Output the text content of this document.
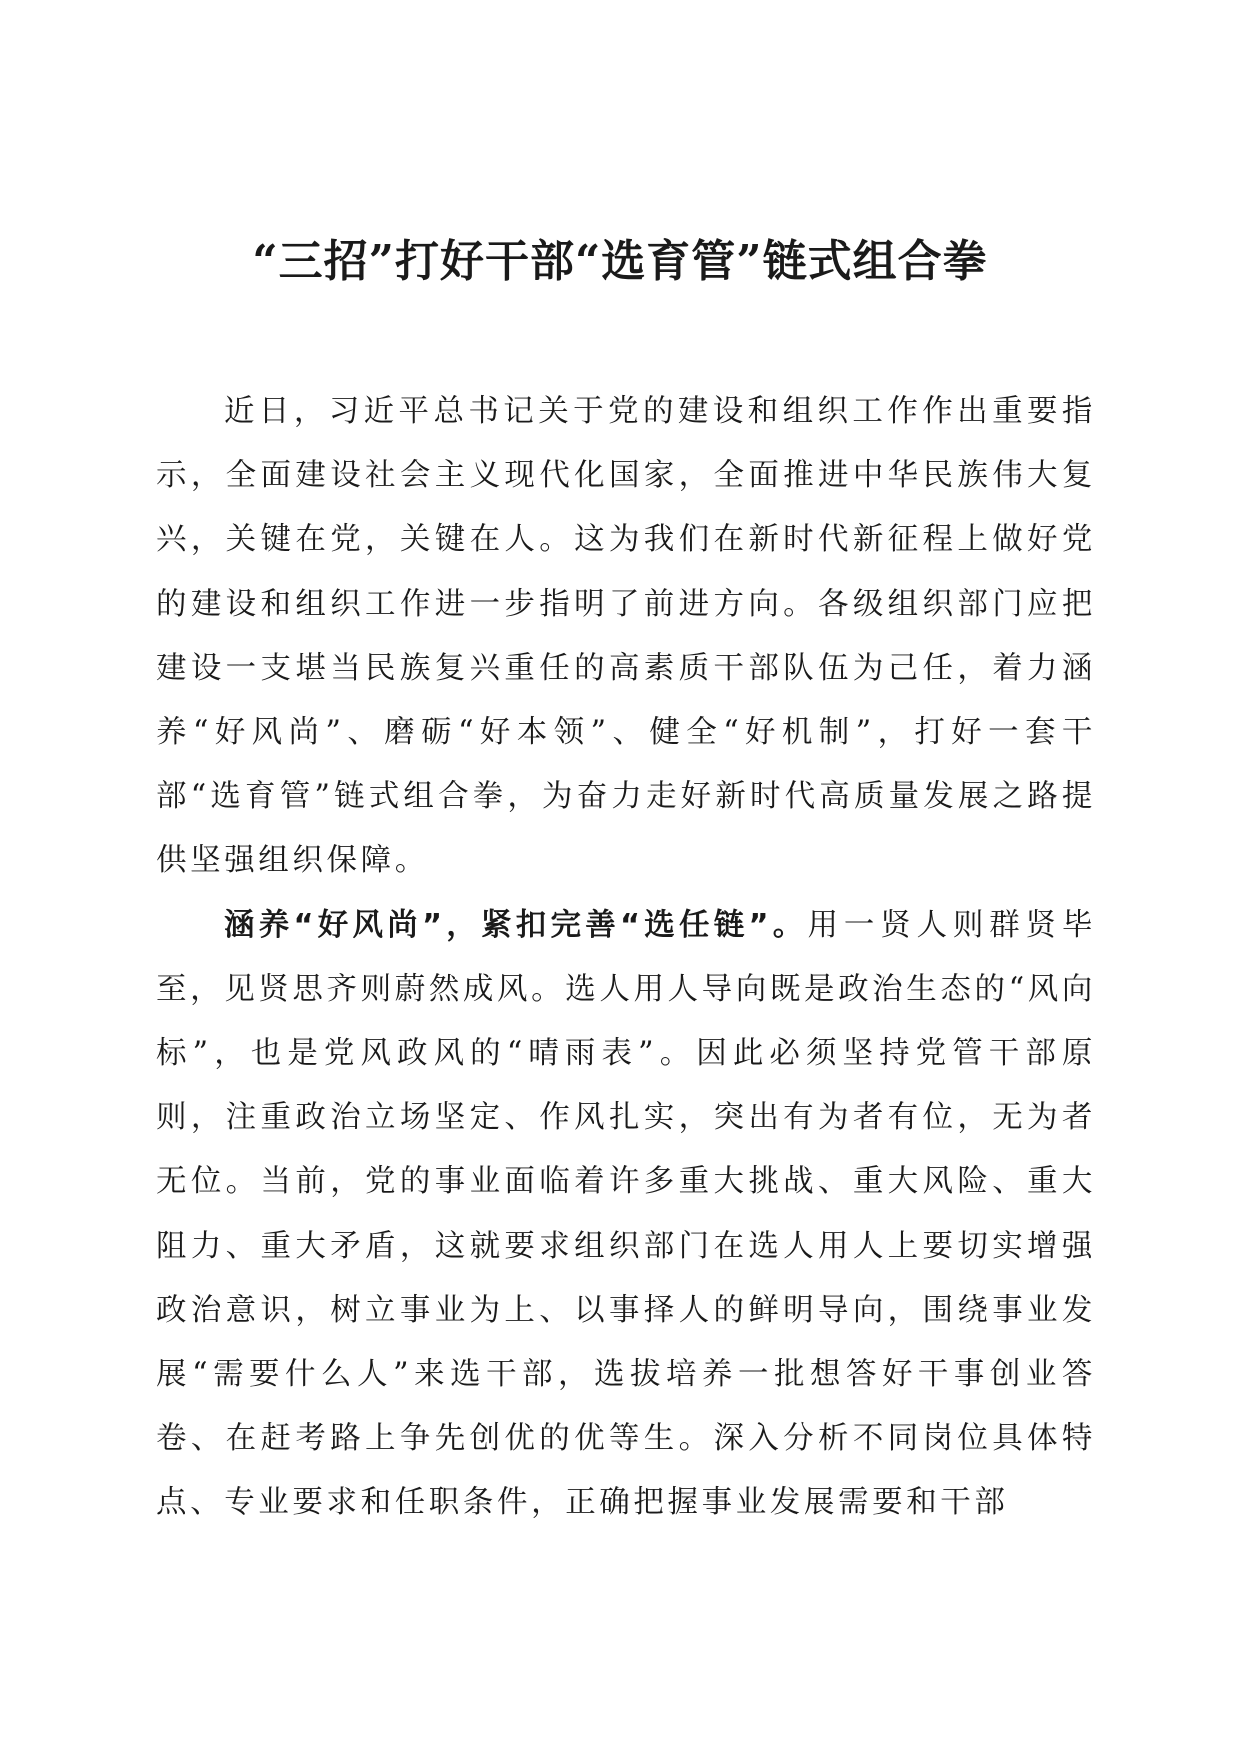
“三招”打好干部“选育管”链式组合拳

近日，习近平总书记关于党的建设和组织工作作出重要指示，全面建设社会主义现代化国家，全面推进中华民族伟大复兴，关键在党，关键在人。这为我们在新时代新征程上做好党的建设和组织工作进一步指明了前进方向。各级组织部门应把建设一支堪当民族复兴重任的高素质干部队伍为己任，着力涵养“好风尚”、磨砺“好本领”、健全“好机制”，打好一套干部“选育管”链式组合拳，为奋力走好新时代高质量发展之路提供坚强组织保障。

涵养“好风尚”，紧扣完善“选任链”。用一贤人则群贤毕至，见贤思齐则蔚然成风。选人用人导向既是政治生态的“风向标”，也是党风政风的“晴雨表”。因此必须坚持党管干部原则，注重政治立场坚定、作风扎实，突出有为者有位，无为者无位。当前，党的事业面临着许多重大挑战、重大风险、重大阻力、重大矛盾，这就要求组织部门在选人用人上要切实增强政治意识，树立事业为上、以事择人的鲜明导向，围绕事业发展“需要什么人”来选干部，选拔培养一批想答好干事创业答卷、在赶考路上争先创优的优等生。深入分析不同岗位具体特点、专业要求和任职条件，正确把握事业发展需要和干部
